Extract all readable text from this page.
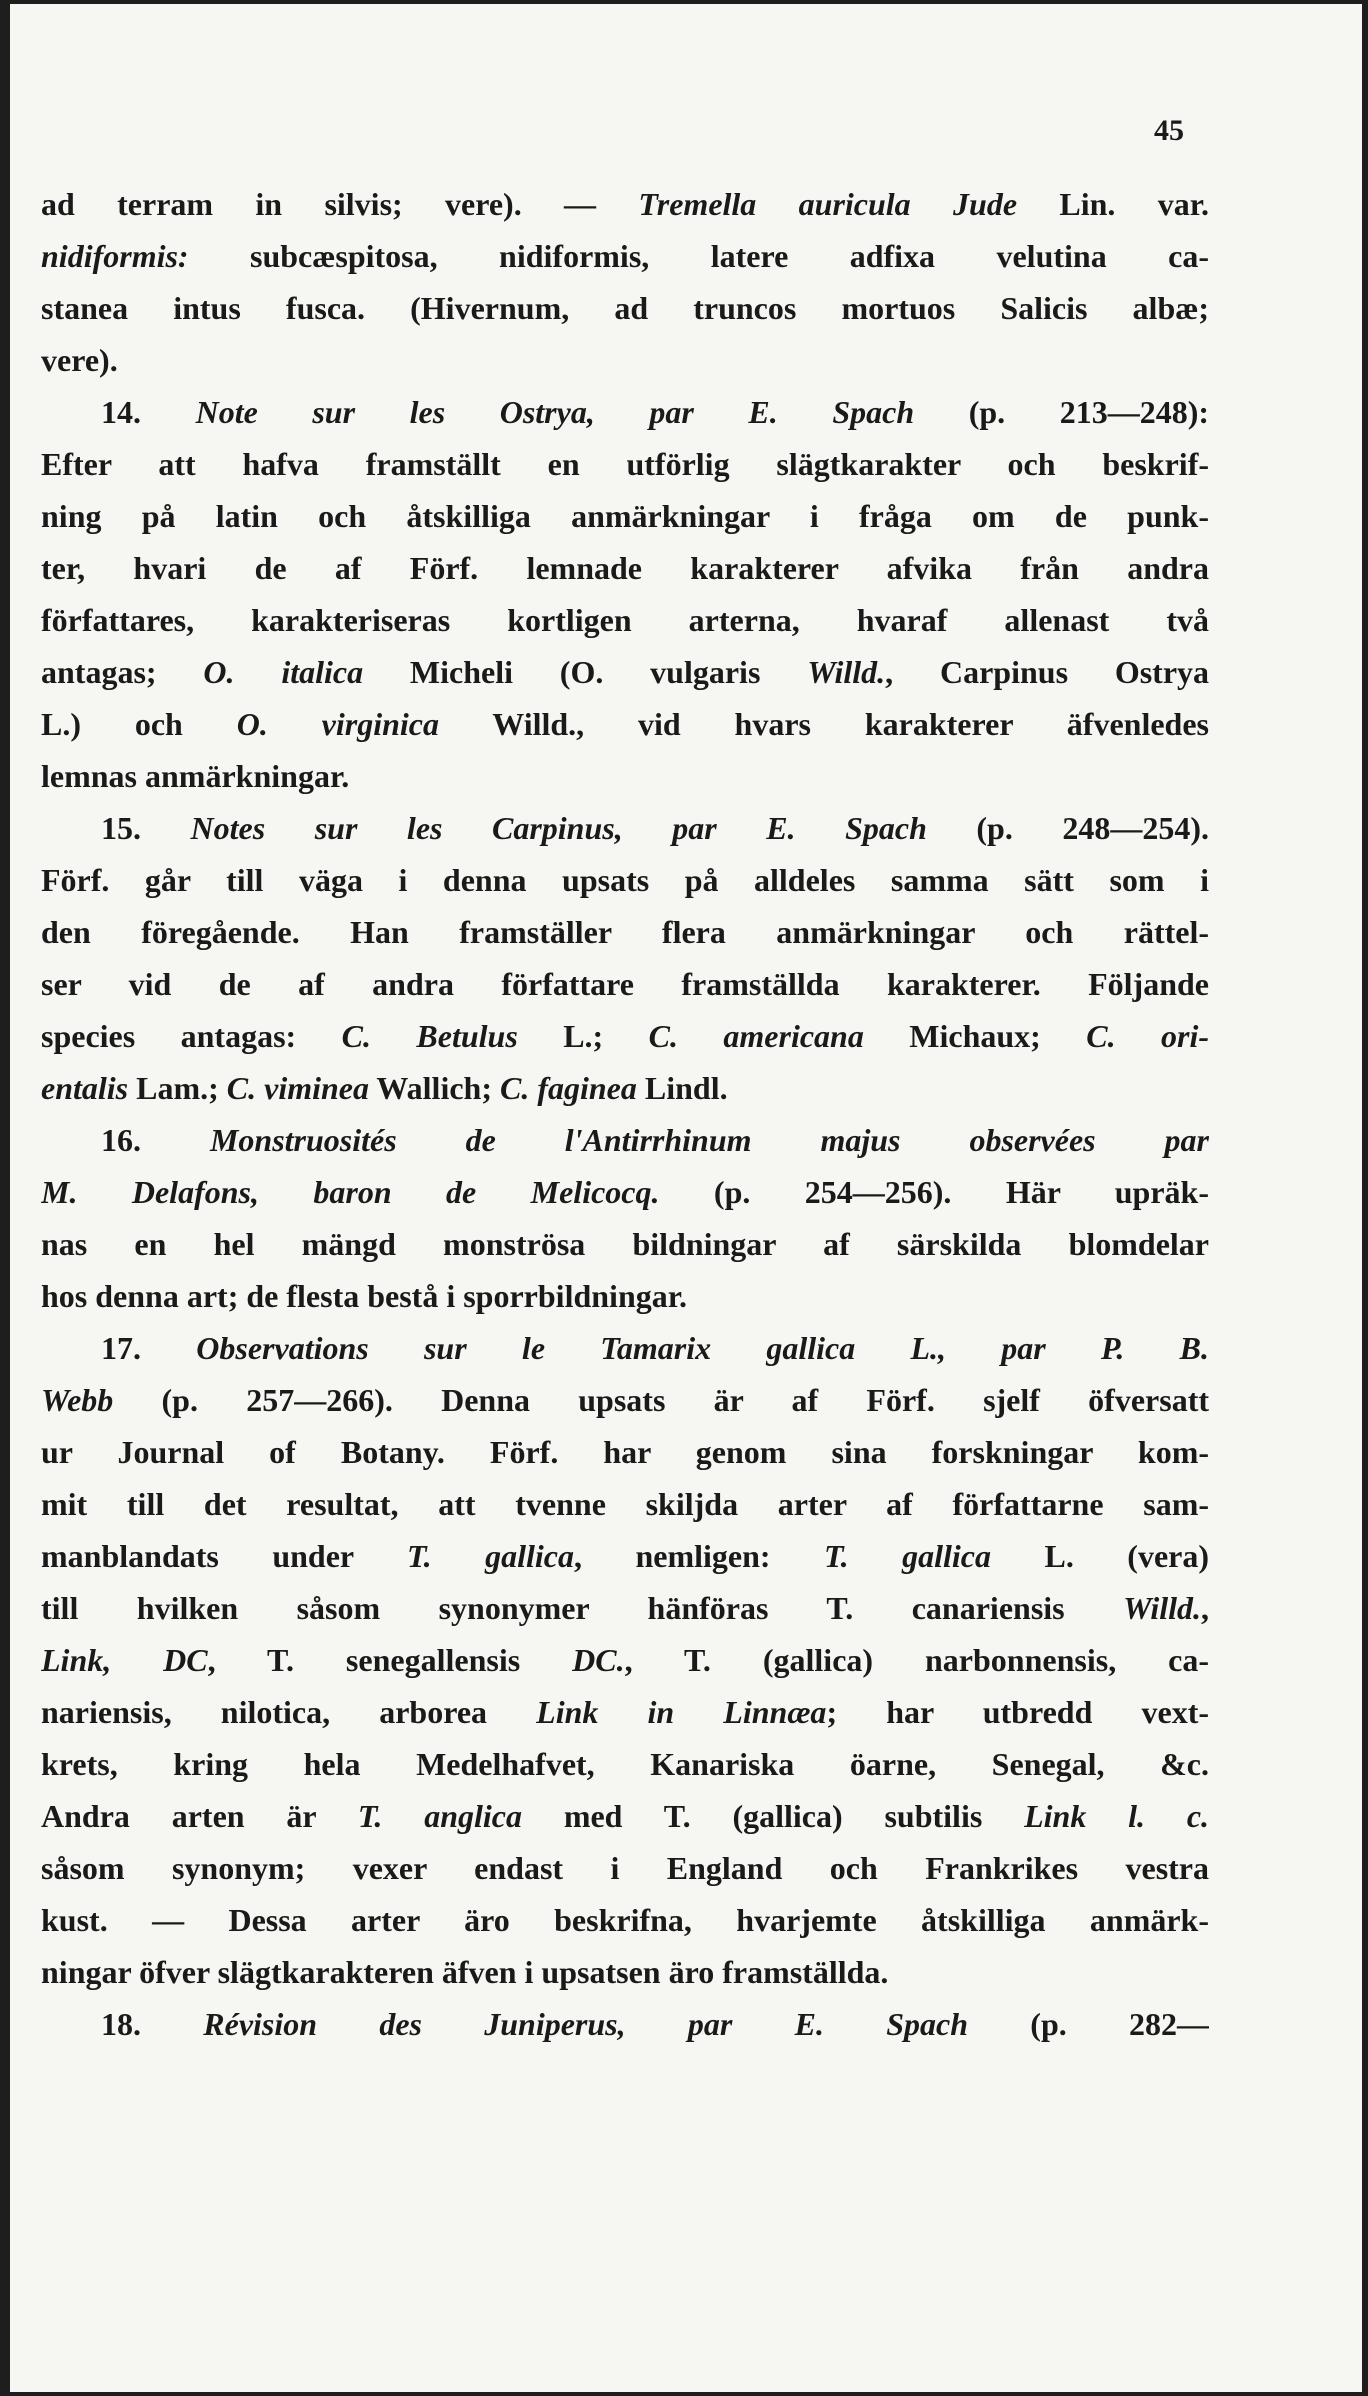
45

ad terram in silvis; vere). — Tremella auricula Jude Lin. var.
nidiformis: subcæspitosa, nidiformis, latere adfixa velutina ca-
stanea intus fusca. (Hivernum, ad truncos mortuos Salicis albæ;
vere).
14. Note sur les Ostrya, par E. Spach (p. 213—248):
Efter att hafva framställt en utförlig slägtkarakter och beskrif-
ning på latin och åtskilliga anmärkningar i fråga om de punk-
ter, hvari de af Förf. lemnade karakterer afvika från andra
författares, karakteriseras kortligen arterna, hvaraf allenast två
antagas; O. italica Micheli (O. vulgaris Willd., Carpinus Ostrya
L.) och O. virginica Willd., vid hvars karakterer äfvenledes
lemnas anmärkningar.
15. Notes sur les Carpinus, par E. Spach (p. 248—254).
Förf. går till väga i denna upsats på alldeles samma sätt som i
den föregående. Han framställer flera anmärkningar och rättel-
ser vid de af andra författare framställda karakterer. Följande
species antagas: C. Betulus L.; C. americana Michaux; C. ori-
entalis Lam.; C. viminea Wallich; C. faginea Lindl.
16. Monstruosités de l'Antirrhinum majus observées par
M. Delafons, baron de Melicocq. (p. 254—256). Här upräk-
nas en hel mängd monströsa bildningar af särskilda blomdelar
hos denna art; de flesta bestå i sporrbildningar.
17. Observations sur le Tamarix gallica L., par P. B.
Webb (p. 257—266). Denna upsats är af Förf. sjelf öfversatt
ur Journal of Botany. Förf. har genom sina forskningar kom-
mit till det resultat, att tvenne skiljda arter af författarne sam-
manblandats under T. gallica, nemligen: T. gallica L. (vera)
till hvilken såsom synonymer hänföras T. canariensis Willd.,
Link, DC, T. senegallensis DC., T. (gallica) narbonnensis, ca-
nariensis, nilotica, arborea Link in Linnæa; har utbredd vext-
krets, kring hela Medelhafvet, Kanariska öarne, Senegal, &c.
Andra arten är T. anglica med T. (gallica) subtilis Link l. c.
såsom synonym; vexer endast i England och Frankrikes vestra
kust. — Dessa arter äro beskrifna, hvarjemte åtskilliga anmärk-
ningar öfver slägtkarakteren äfven i upsatsen äro framställda.
18. Révision des Juniperus, par E. Spach (p. 282—
